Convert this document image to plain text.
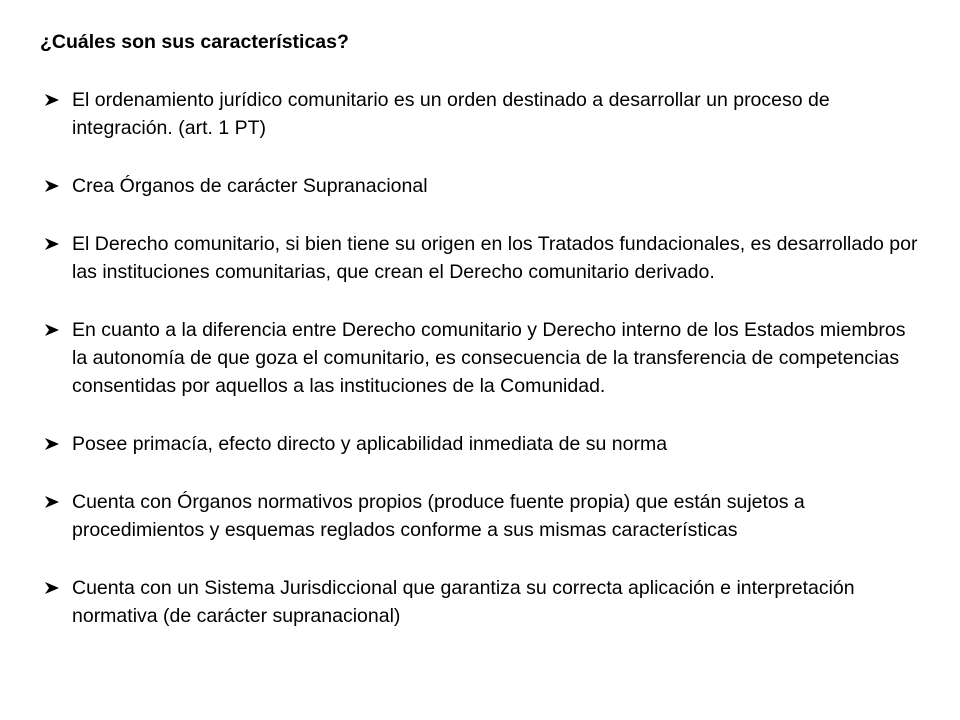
¿Cuáles son sus características?
El ordenamiento jurídico comunitario es un orden destinado a desarrollar un proceso de integración. (art. 1 PT)
Crea Órganos de carácter Supranacional
El Derecho comunitario, si bien tiene su origen en los Tratados fundacionales, es desarrollado por las instituciones comunitarias, que crean el Derecho comunitario derivado.
En cuanto a la diferencia entre Derecho comunitario y Derecho interno de los Estados miembros la autonomía de que goza el comunitario, es consecuencia de la transferencia de competencias consentidas por aquellos a las instituciones de la Comunidad.
Posee primacía, efecto directo y aplicabilidad inmediata de su norma
Cuenta con Órganos normativos propios (produce fuente propia) que están sujetos a procedimientos y esquemas reglados conforme a sus mismas características
Cuenta con un Sistema Jurisdiccional que garantiza su correcta aplicación e interpretación normativa (de carácter supranacional)
